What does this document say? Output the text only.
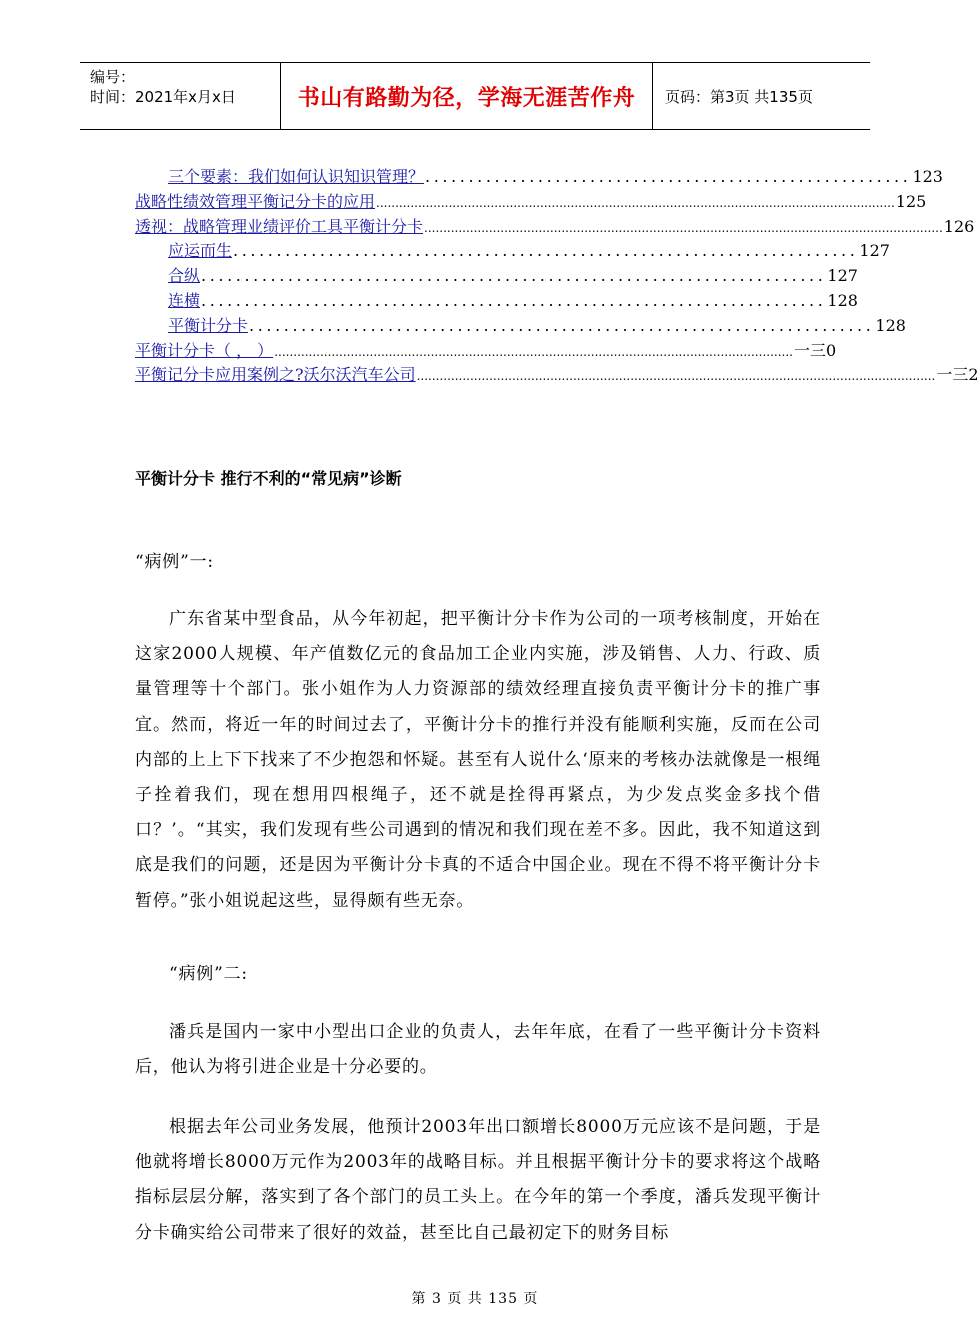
编号：
时间：2021年x月x日	书山有路勤为径，学海无涯苦作舟	页码：第3页 共135页
三个要素：我们如何认识知识管理？ ........................................................ 123
战略性绩效管理平衡记分卡的应用 ........................................................................................................................................ 125
透视：战略管理业绩评价工具平衡计分卡 ........................................................................................................................................ 126
应运而生 ........................................................................ 127
合纵 ........................................................................ 127
连横 ........................................................................ 128
平衡计分卡 ........................................................................ 128
平衡计分卡（ ， ） ........................................................................................................................................ 一三0
平衡记分卡应用案例之?沃尔沃汽车公司 ........................................................................................................................................ 一三2
平衡计分卡 推行不利的“常见病”诊断

“病例”一:

广东省某中型食品，从今年初起，把平衡计分卡作为公司的一项考核制度，开始在这家2000人规模、年产值数亿元的食品加工企业内实施，涉及销售、人力、行政、质量管理等十个部门。张小姐作为人力资源部的绩效经理直接负责平衡计分卡的推广事宜。然而，将近一年的时间过去了，平衡计分卡的推行并没有能顺利实施，反而在公司内部的上上下下找来了不少抱怨和怀疑。甚至有人说什么‘原来的考核办法就像是一根绳子拴着我们，现在想用四根绳子，还不就是拴得再紧点，为少发点奖金多找个借口？’。“其实，我们发现有些公司遇到的情况和我们现在差不多。因此，我不知道这到底是我们的问题，还是因为平衡计分卡真的不适合中国企业。现在不得不将平衡计分卡暂停。”张小姐说起这些，显得颇有些无奈。

“病例”二:

潘兵是国内一家中小型出口企业的负责人，去年年底，在看了一些平衡计分卡资料后，他认为将引进企业是十分必要的。

根据去年公司业务发展，他预计2003年出口额增长8000万元应该不是问题，于是他就将增长8000万元作为2003年的战略目标。并且根据平衡计分卡的要求将这个战略指标层层分解，落实到了各个部门的员工头上。在今年的第一个季度，潘兵发现平衡计分卡确实给公司带来了很好的效益，甚至比自己最初定下的财务目标

第 3 页 共 135 页
